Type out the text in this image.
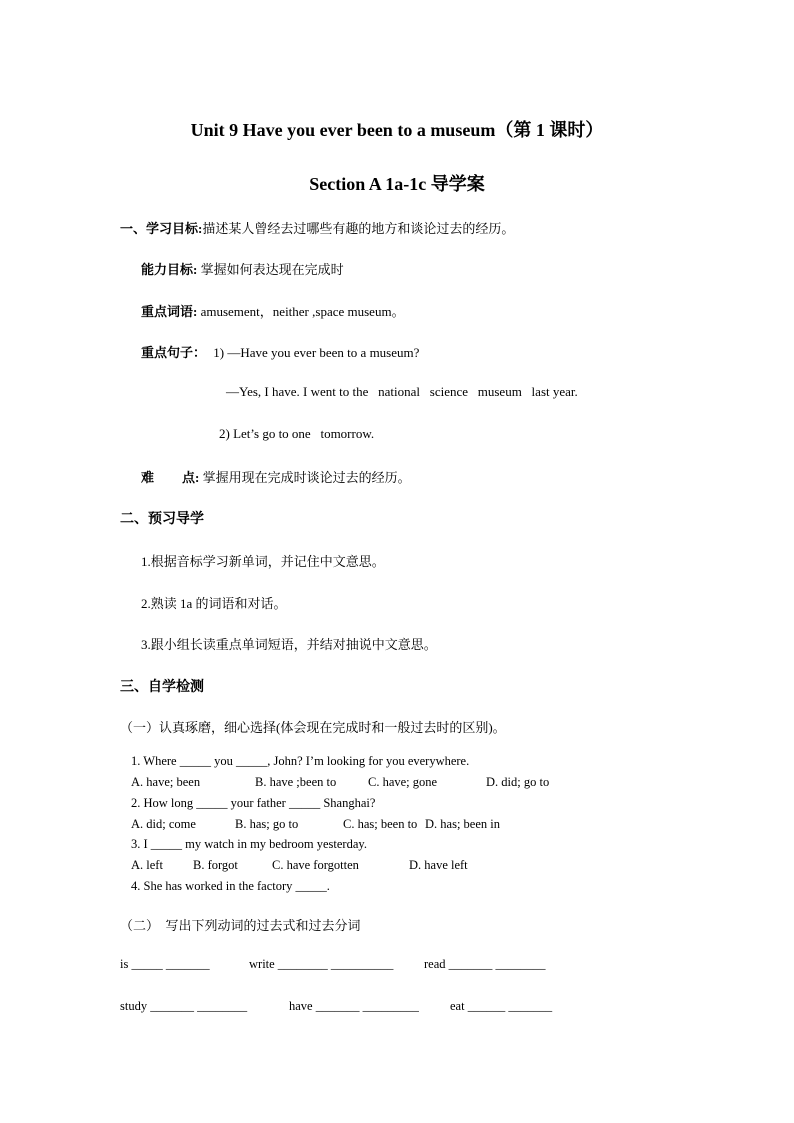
Unit 9 Have you ever been to a museum（第 1 课时）
Section A 1a-1c 导学案
一、学习目标:描述某人曾经去过哪些有趣的地方和谈论过去的经历。
能力目标: 掌握如何表达现在完成时
重点词语: amusement，neither ,space museum。
重点句子： 1) —Have you ever been to a museum?
—Yes, I have. I went to the   national   science   museum   last year.
2) Let’s go to one   tomorrow.
难 点: 掌握用现在完成时谈论过去的经历。
二、预习导学
1.根据音标学习新单词，并记住中文意思。
2.熟读 1a 的词语和对话。
3.跟小组长读重点单词短语，并结对抽说中文意思。
三、自学检测
（一）认真琢磨，细心选择(体会现在完成时和一般过去时的区别)。
1. Where _____ you _____, John? I’m looking for you everywhere.
A. have; been	B. have ;been to	C. have; gone	D. did; go to
2. How long _____ your father _____ Shanghai?
A. did; come	B. has; go to	C. has; been to D. has; been in
3. I _____ my watch in my bedroom yesterday.
A. left B. forgot	C. have forgotten	D. have left
4. She has worked in the factory _____.
（二）  写出下列动词的过去式和过去分词
is _____ _______	write ________ __________ read _______ ________
study _______ ________	have _______ _________ eat ______ _______
